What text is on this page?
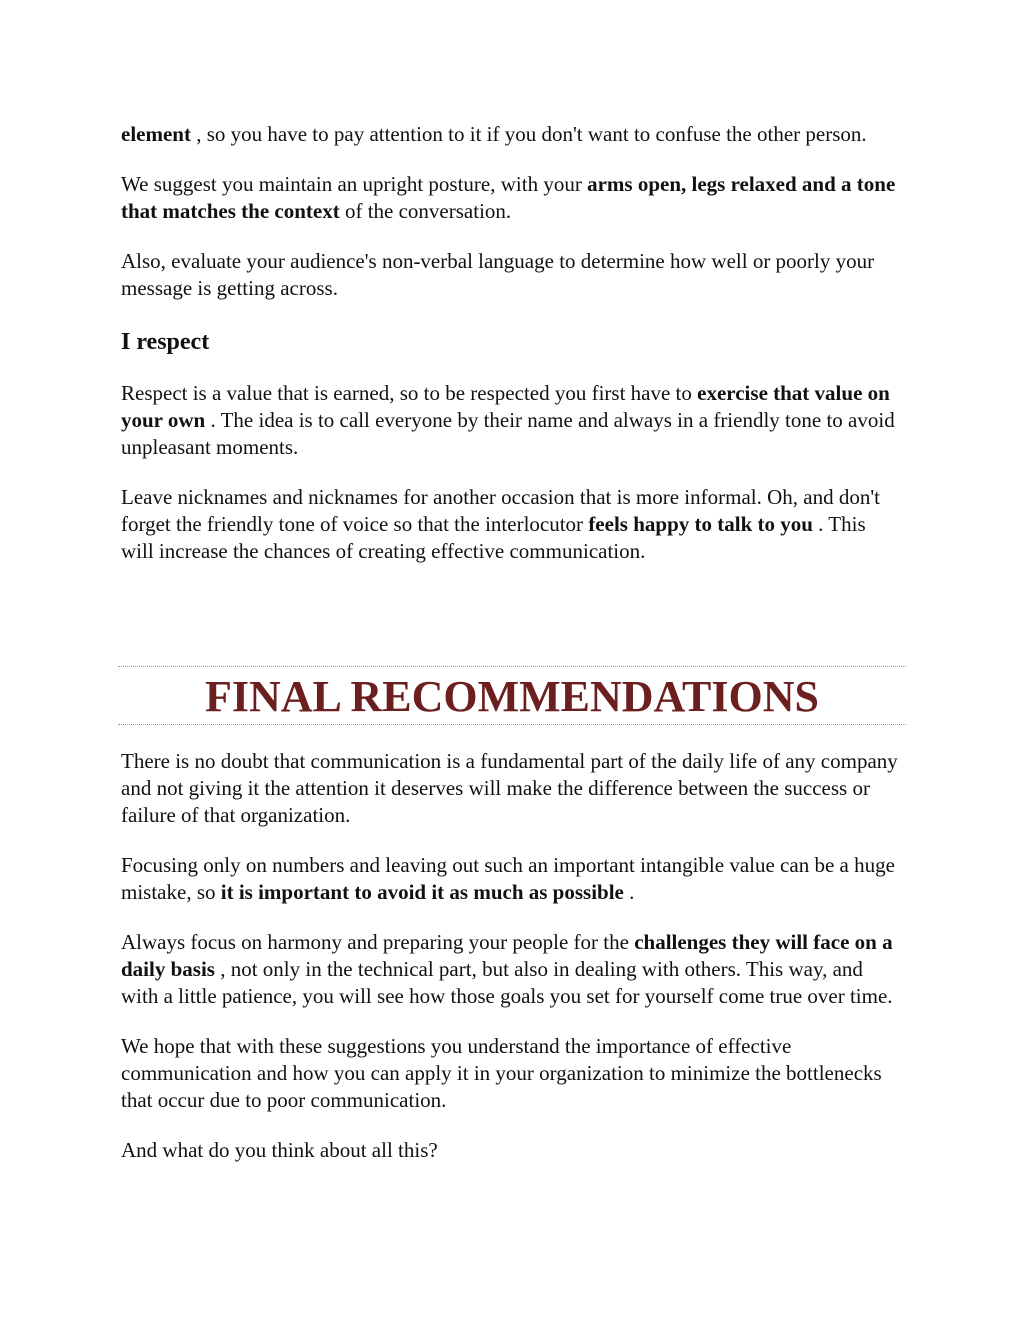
element , so you have to pay attention to it if you don't want to confuse the other person.

We suggest you maintain an upright posture, with your arms open, legs relaxed and a tone that matches the context of the conversation.

Also, evaluate your audience's non-verbal language to determine how well or poorly your message is getting across.

I respect

Respect is a value that is earned, so to be respected you first have to exercise that value on your own . The idea is to call everyone by their name and always in a friendly tone to avoid unpleasant moments.

Leave nicknames and nicknames for another occasion that is more informal. Oh, and don't forget the friendly tone of voice so that the interlocutor feels happy to talk to you . This will increase the chances of creating effective communication.

FINAL RECOMMENDATIONS

There is no doubt that communication is a fundamental part of the daily life of any company and not giving it the attention it deserves will make the difference between the success or failure of that organization.

Focusing only on numbers and leaving out such an important intangible value can be a huge mistake, so it is important to avoid it as much as possible .

Always focus on harmony and preparing your people for the challenges they will face on a daily basis , not only in the technical part, but also in dealing with others. This way, and with a little patience, you will see how those goals you set for yourself come true over time.

We hope that with these suggestions you understand the importance of effective communication and how you can apply it in your organization to minimize the bottlenecks that occur due to poor communication.

And what do you think about all this?
